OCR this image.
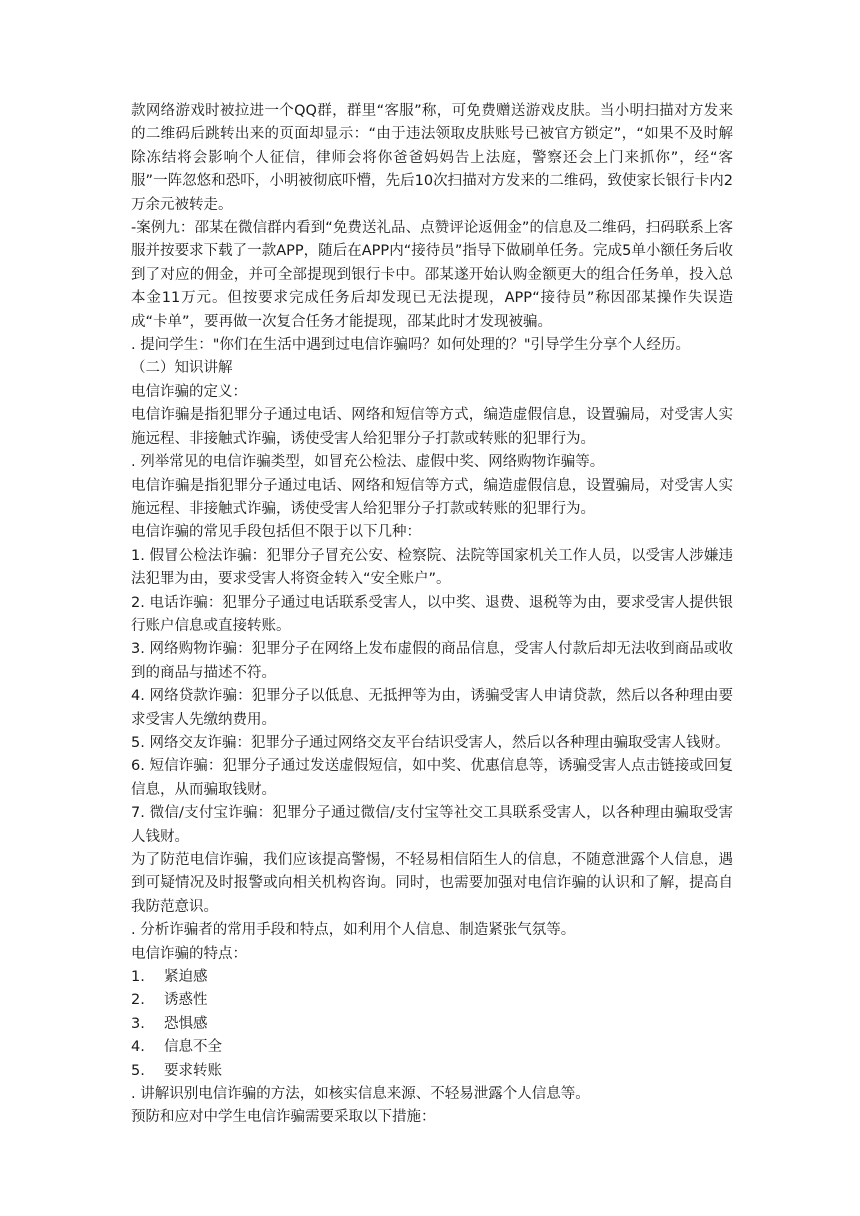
款网络游戏时被拉进一个QQ群，群里“客服”称，可免费赠送游戏皮肤。当小明扫描对方发来的二维码后跳转出来的页面却显示：“由于违法领取皮肤账号已被官方锁定”，“如果不及时解除冻结将会影响个人征信，律师会将你爸爸妈妈告上法庭，警察还会上门来抓你”，经“客服”一阵忽悠和恐吓，小明被彻底吓懵，先后10次扫描对方发来的二维码，致使家长银行卡内2万余元被转走。

-案例九：邵某在微信群内看到“免费送礼品、点赞评论返佣金”的信息及二维码，扫码联系上客服并按要求下载了一款APP，随后在APP内“接待员”指导下做刷单任务。完成5单小额任务后收到了对应的佣金，并可全部提现到银行卡中。邵某遂开始认购金额更大的组合任务单，投入总本金11万元。但按要求完成任务后却发现已无法提现，APP“接待员”称因邵某操作失误造成“卡单”，要再做一次复合任务才能提现，邵某此时才发现被骗。

. 提问学生："你们在生活中遇到过电信诈骗吗？如何处理的？"引导学生分享个人经历。

（二）知识讲解

电信诈骗的定义：

电信诈骗是指犯罪分子通过电话、网络和短信等方式，编造虚假信息，设置骗局，对受害人实施远程、非接触式诈骗，诱使受害人给犯罪分子打款或转账的犯罪行为。

. 列举常见的电信诈骗类型，如冒充公检法、虚假中奖、网络购物诈骗等。

电信诈骗是指犯罪分子通过电话、网络和短信等方式，编造虚假信息，设置骗局，对受害人实施远程、非接触式诈骗，诱使受害人给犯罪分子打款或转账的犯罪行为。

电信诈骗的常见手段包括但不限于以下几种：

1. 假冒公检法诈骗：犯罪分子冒充公安、检察院、法院等国家机关工作人员，以受害人涉嫌违法犯罪为由，要求受害人将资金转入“安全账户”。

2. 电话诈骗：犯罪分子通过电话联系受害人，以中奖、退费、退税等为由，要求受害人提供银行账户信息或直接转账。

3. 网络购物诈骗：犯罪分子在网络上发布虚假的商品信息，受害人付款后却无法收到商品或收到的商品与描述不符。

4. 网络贷款诈骗：犯罪分子以低息、无抵押等为由，诱骗受害人申请贷款，然后以各种理由要求受害人先缴纳费用。

5. 网络交友诈骗：犯罪分子通过网络交友平台结识受害人，然后以各种理由骗取受害人钱财。

6. 短信诈骗：犯罪分子通过发送虚假短信，如中奖、优惠信息等，诱骗受害人点击链接或回复信息，从而骗取钱财。

7. 微信/支付宝诈骗：犯罪分子通过微信/支付宝等社交工具联系受害人，以各种理由骗取受害人钱财。

为了防范电信诈骗，我们应该提高警惕，不轻易相信陌生人的信息，不随意泄露个人信息，遇到可疑情况及时报警或向相关机构咨询。同时，也需要加强对电信诈骗的认识和了解，提高自我防范意识。

. 分析诈骗者的常用手段和特点，如利用个人信息、制造紧张气氛等。

电信诈骗的特点：

1.	紧迫感
2.	诱惑性
3.	恐惧感
4.	信息不全
5.	要求转账

. 讲解识别电信诈骗的方法，如核实信息来源、不轻易泄露个人信息等。

预防和应对中学生电信诈骗需要采取以下措施：
